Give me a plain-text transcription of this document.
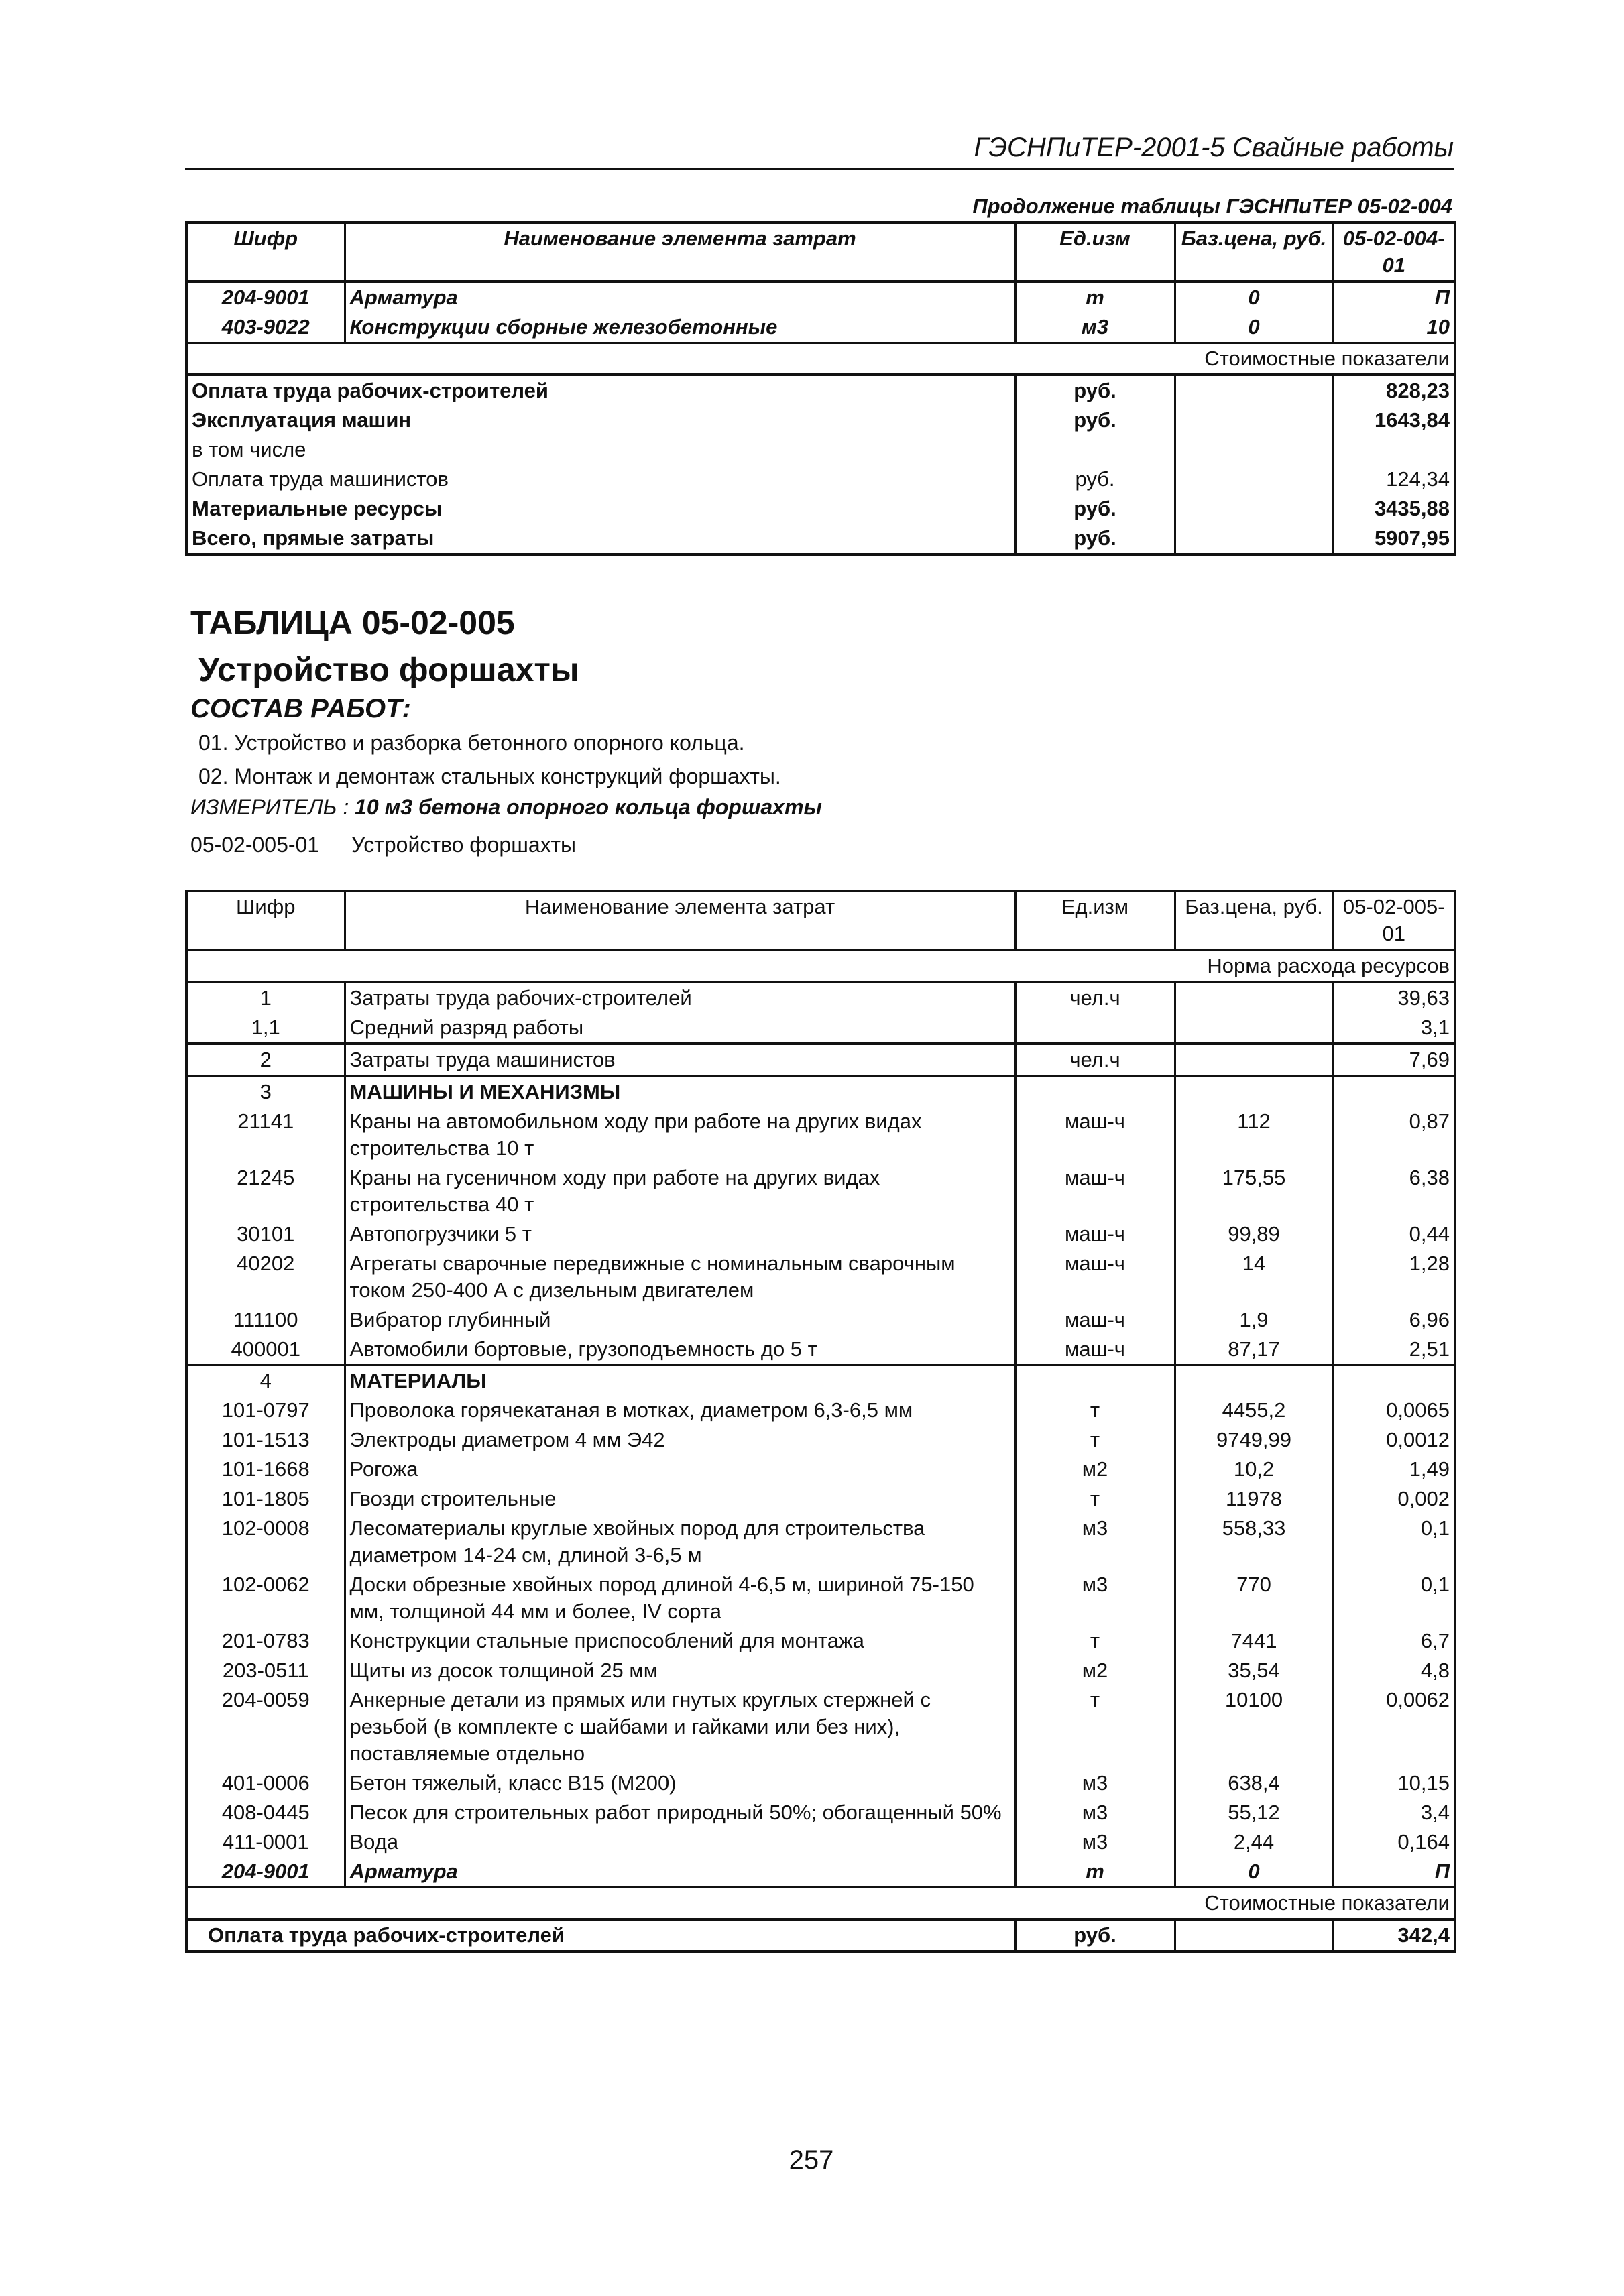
ГЭСНПиТЕР-2001-5 Свайные работы
Продолжение таблицы ГЭСНПиТЕР 05-02-004
Шифр	Наименование элемента затрат	Ед.изм	Баз.цена, руб.	05-02-004-01
204-9001	Арматура	т	0	П
403-9022	Конструкции сборные железобетонные	м3	0	10
Стоимостные показатели				
Оплата труда рабочих-строителей		руб.		828,23
Эксплуатация машин		руб.		1643,84
в том числе				
Оплата труда машинистов		руб.		124,34
Материальные ресурсы		руб.		3435,88
Всего, прямые затраты		руб.		5907,95
ТАБЛИЦА 05-02-005
Устройство форшахты
СОСТАВ РАБОТ:
01. Устройство и разборка бетонного опорного кольца.
02. Монтаж и демонтаж стальных конструкций форшахты.
ИЗМЕРИТЕЛЬ : 10 м3 бетона опорного кольца форшахты
05-02-005-01 Устройство форшахты
Шифр	Наименование элемента затрат	Ед.изм	Баз.цена, руб.	05-02-005-01
Норма расхода ресурсов				
1	Затраты труда рабочих-строителей	чел.ч		39,63
1,1	Средний разряд работы			3,1
2	Затраты труда машинистов	чел.ч		7,69
3	МАШИНЫ И МЕХАНИЗМЫ			
21141	Краны на автомобильном ходу при работе на других видах строительства 10 т	маш-ч	112	0,87
21245	Краны на гусеничном ходу при работе на других видах строительства 40 т	маш-ч	175,55	6,38
30101	Автопогрузчики 5 т	маш-ч	99,89	0,44
40202	Агрегаты сварочные передвижные с номинальным сварочным током 250-400 А с дизельным двигателем	маш-ч	14	1,28
111100	Вибратор глубинный	маш-ч	1,9	6,96
400001	Автомобили бортовые, грузоподъемность до 5 т	маш-ч	87,17	2,51
4	МАТЕРИАЛЫ			
101-0797	Проволока горячекатаная в мотках, диаметром 6,3-6,5 мм	т	4455,2	0,0065
101-1513	Электроды диаметром 4 мм Э42	т	9749,99	0,0012
101-1668	Рогожа	м2	10,2	1,49
101-1805	Гвозди строительные	т	11978	0,002
102-0008	Лесоматериалы круглые хвойных пород для строительства диаметром 14-24 см, длиной 3-6,5 м	м3	558,33	0,1
102-0062	Доски обрезные хвойных пород длиной 4-6,5 м, шириной 75-150 мм, толщиной 44 мм и более, IV сорта	м3	770	0,1
201-0783	Конструкции стальные приспособлений для монтажа	т	7441	6,7
203-0511	Щиты из досок толщиной 25 мм	м2	35,54	4,8
204-0059	Анкерные детали из прямых или гнутых круглых стержней с резьбой (в комплекте с шайбами и гайками или без них), поставляемые отдельно	т	10100	0,0062
401-0006	Бетон тяжелый, класс В15 (М200)	м3	638,4	10,15
408-0445	Песок для строительных работ природный 50%; обогащенный 50%	м3	55,12	3,4
411-0001	Вода	м3	2,44	0,164
204-9001	Арматура	т	0	П
Стоимостные показатели				
Оплата труда рабочих-строителей		руб.		342,4
257
